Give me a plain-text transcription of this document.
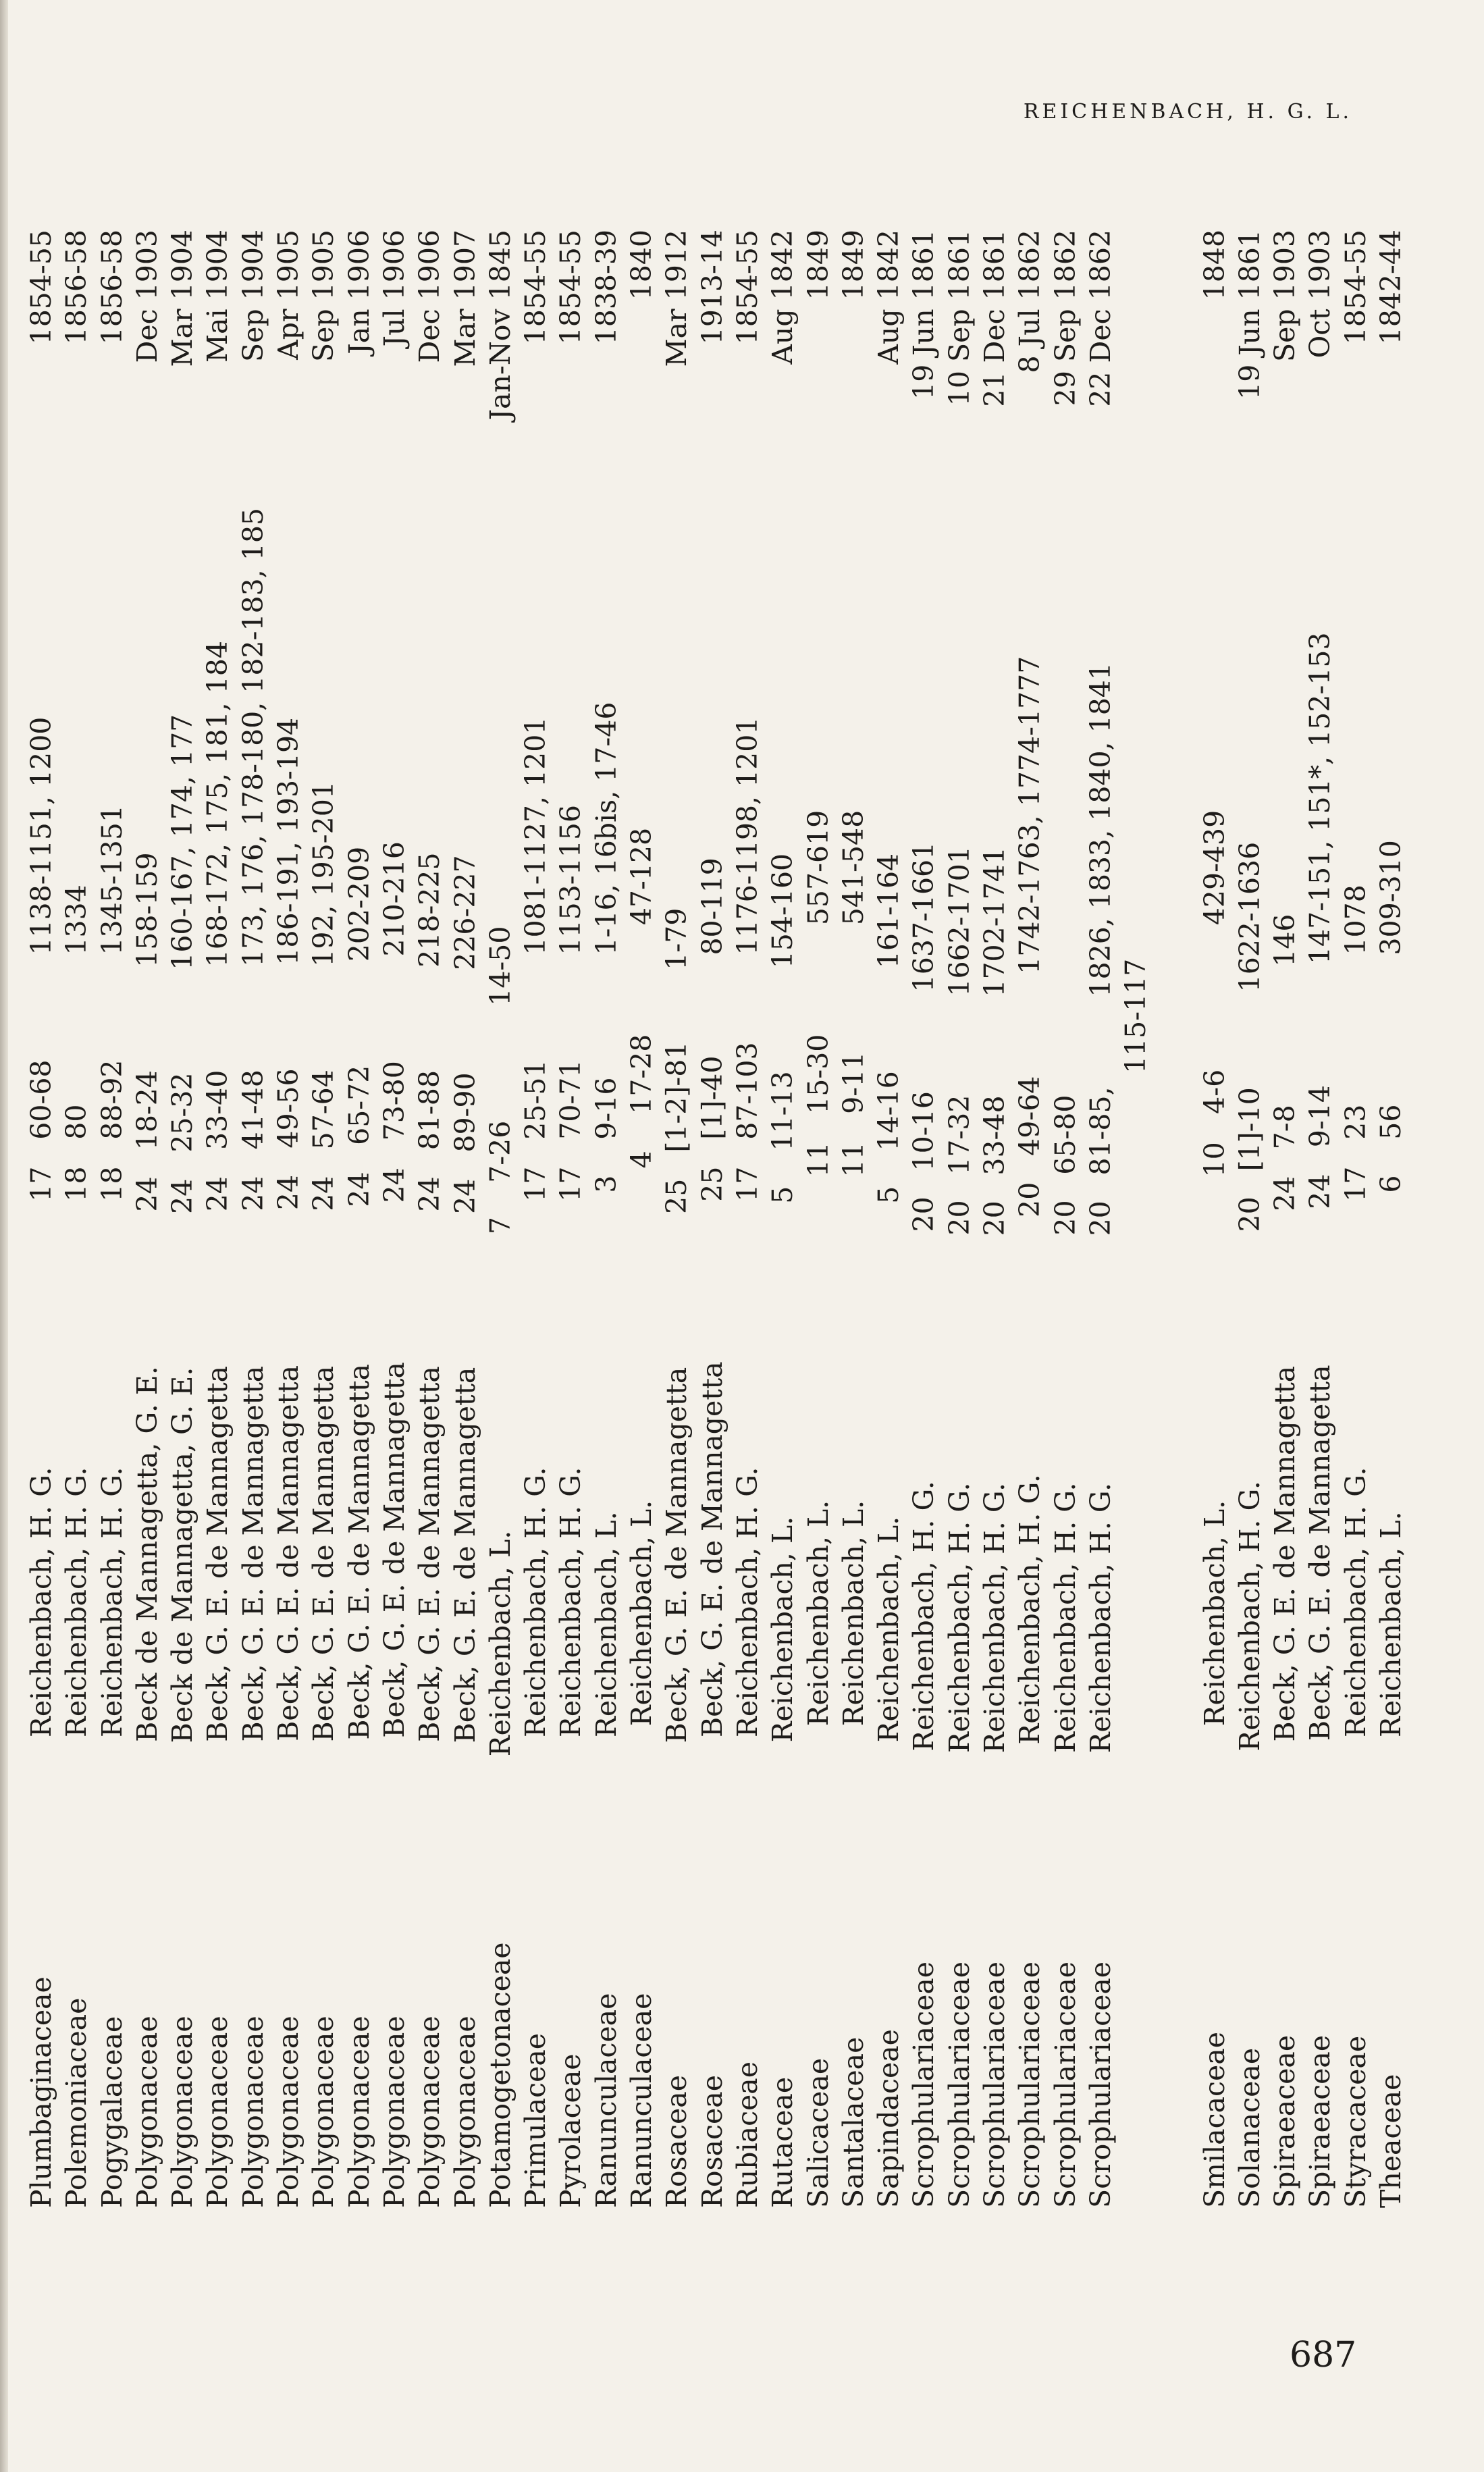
REICHENBACH, H. G. L.
Plumbaginaceae
Reichenbach, H. G.
17
60-68
1138-1151, 1200
1854-55
Polemoniaceae
Reichenbach, H. G.
18
80
1334
1856-58
Pogygalaceae
Reichenbach, H. G.
18
88-92
1345-1351
1856-58
Polygonaceae
Beck de Mannagetta, G. E.
24
18-24
158-159
Dec 1903
Polygonaceae
Beck de Mannagetta, G. E.
24
25-32
160-167, 174, 177
Mar 1904
Polygonaceae
Beck, G. E. de Mannagetta
24
33-40
168-172, 175, 181, 184
Mai 1904
Polygonaceae
Beck, G. E. de Mannagetta
24
41-48
173, 176, 178-180, 182-183, 185
Sep 1904
Polygonaceae
Beck, G. E. de Mannagetta
24
49-56
186-191, 193-194
Apr 1905
Polygonaceae
Beck, G. E. de Mannagetta
24
57-64
192, 195-201
Sep 1905
Polygonaceae
Beck, G. E. de Mannagetta
24
65-72
202-209
Jan 1906
Polygonaceae
Beck, G. E. de Mannagetta
24
73-80
210-216
Jul 1906
Polygonaceae
Beck, G. E. de Mannagetta
24
81-88
218-225
Dec 1906
Polygonaceae
Beck, G. E. de Mannagetta
24
89-90
226-227
Mar 1907
Potamogetonaceae
Reichenbach, L.
7
7-26
14-50
Jan-Nov 1845
Primulaceae
Reichenbach, H. G.
17
25-51
1081-1127, 1201
1854-55
Pyrolaceae
Reichenbach, H. G.
17
70-71
1153-1156
1854-55
Ranunculaceae
Reichenbach, L.
3
9-16
1-16, 16bis, 17-46
1838-39
Ranunculaceae
Reichenbach, L.
4
17-28
47-128
1840
Rosaceae
Beck, G. E. de Mannagetta
25
[1-2]-81
1-79
Mar 1912
Rosaceae
Beck, G. E. de Mannagetta
25
[1]-40
80-119
1913-14
Rubiaceae
Reichenbach, H. G.
17
87-103
1176-1198, 1201
1854-55
Rutaceae
Reichenbach, L.
5
11-13
154-160
Aug 1842
Salicaceae
Reichenbach, L.
11
15-30
557-619
1849
Santalaceae
Reichenbach, L.
11
9-11
541-548
1849
Sapindaceae
Reichenbach, L.
5
14-16
161-164
Aug 1842
Scrophulariaceae
Reichenbach, H. G.
20
10-16
1637-1661
19 Jun 1861
Scrophulariaceae
Reichenbach, H. G.
20
17-32
1662-1701
10 Sep 1861
Scrophulariaceae
Reichenbach, H. G.
20
33-48
1702-1741
21 Dec 1861
Scrophulariaceae
Reichenbach, H. G.
20
49-64
1742-1763, 1774-1777
8 Jul 1862
Scrophulariaceae
Reichenbach, H. G.
20
65-80
29 Sep 1862
Scrophulariaceae
Reichenbach, H. G.
20
81-85,
1826, 1833, 1840, 1841
22 Dec 1862
115-117
Smilacaceae
Reichenbach, L.
10
4-6
429-439
1848
Solanaceae
Reichenbach, H. G.
20
[1]-10
1622-1636
19 Jun 1861
Spiraeaceae
Beck, G. E. de Mannagetta
24
7-8
146
Sep 1903
Spiraeaceae
Beck, G. E. de Mannagetta
24
9-14
147-151, 151*, 152-153
Oct 1903
Styracaceae
Reichenbach, H. G.
17
23
1078
1854-55
Theaceae
Reichenbach, L.
6
56
309-310
1842-44
687
